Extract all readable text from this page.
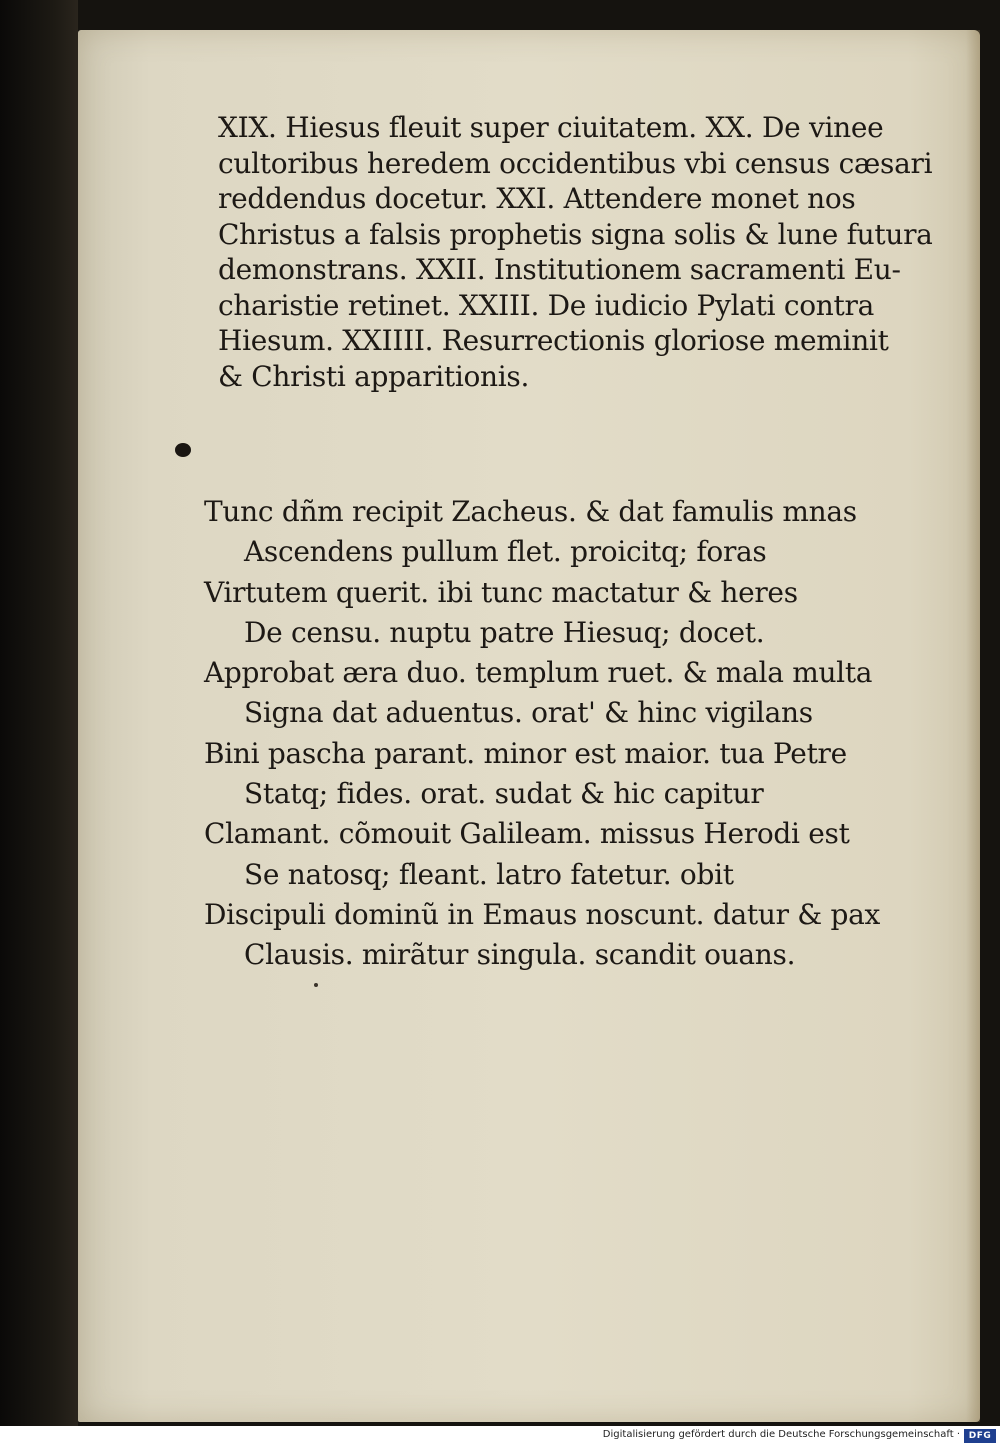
XIX. Hiesus fleuit super ciuitatem. XX. De vinee
cultoribus heredem occidentibus vbi census cæsari
reddendus docetur. XXI. Attendere monet nos
Christus a falsis prophetis signa solis & lune futura
demonstrans. XXII. Institutionem sacramenti Eu-
charistie retinet. XXIII. De iudicio Pylati contra
Hiesum. XXIIII. Resurrectionis gloriose meminit
& Christi apparitionis.
Tunc dñm recipit Zacheus. & dat famulis mnas
Ascendens pullum flet. proicitq; foras
Virtutem querit. ibi tunc mactatur & heres
De censu. nuptu patre Hiesuq; docet.
Approbat æra duo. templum ruet. & mala multa
Signa dat aduentus. orat' & hinc vigilans
Bini pascha parant. minor est maior. tua Petre
Statq; fides. orat. sudat & hic capitur
Clamant. cõmouit Galileam. missus Herodi est
Se natosq; fleant. latro fatetur. obit
Discipuli dominũ in Emaus noscunt. datur & pax
Clausis. mirãtur singula. scandit ouans.
Digitalisierung gefördert durch die Deutsche Forschungsgemeinschaft · DFG
